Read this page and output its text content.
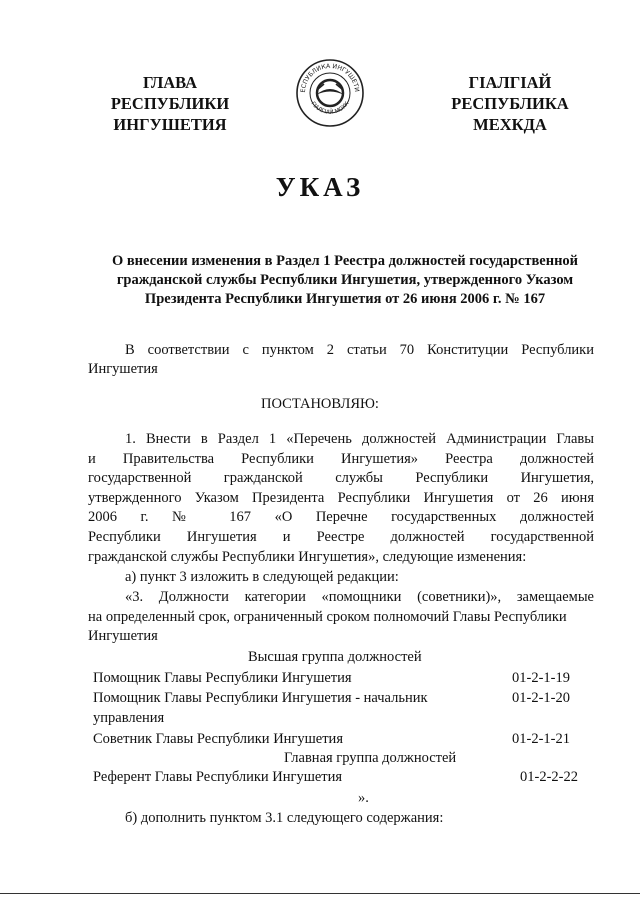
ГЛАВА
РЕСПУБЛИКИ
ИНГУШЕТИЯ
ЕСПУБЛИКА ИНГУШЕТИ
ГIАЛГIАЙ МОХК
ГIАЛГIАЙ
РЕСПУБЛИКА
МЕХКДА
УКАЗ
О внесении изменения в Раздел 1 Реестра должностей государственной
гражданской службы Республики Ингушетия, утвержденного Указом
Президента Республики Ингушетия от 26 июня 2006 г. № 167
В соответствии с пунктом 2 статьи 70 Конституции Республики
Ингушетия
ПОСТАНОВЛЯЮ:
1. Внести в Раздел 1 «Перечень должностей Администрации Главы
и Правительства Республики Ингушетия» Реестра должностей
государственной гражданской службы Республики Ингушетия,
утвержденного Указом Президента Республики Ингушетия от 26 июня
2006 г. № 167 «О Перечне государственных должностей
Республики Ингушетия и Реестре должностей государственной
гражданской службы Республики Ингушетия», следующие изменения:
а) пункт 3 изложить в следующей редакции:
«3. Должности категории «помощники (советники)», замещаемые
на определенный срок, ограниченный сроком полномочий Главы Республики
Ингушетия
Высшая группа должностей
Помощник Главы Республики Ингушетия	01-2-1-19
Помощник Главы Республики Ингушетия - начальник	01-2-1-20
управления
Советник Главы Республики Ингушетия	01-2-1-21
Главная группа должностей
Референт Главы Республики Ингушетия	01-2-2-22
».
б) дополнить пунктом 3.1 следующего содержания:
